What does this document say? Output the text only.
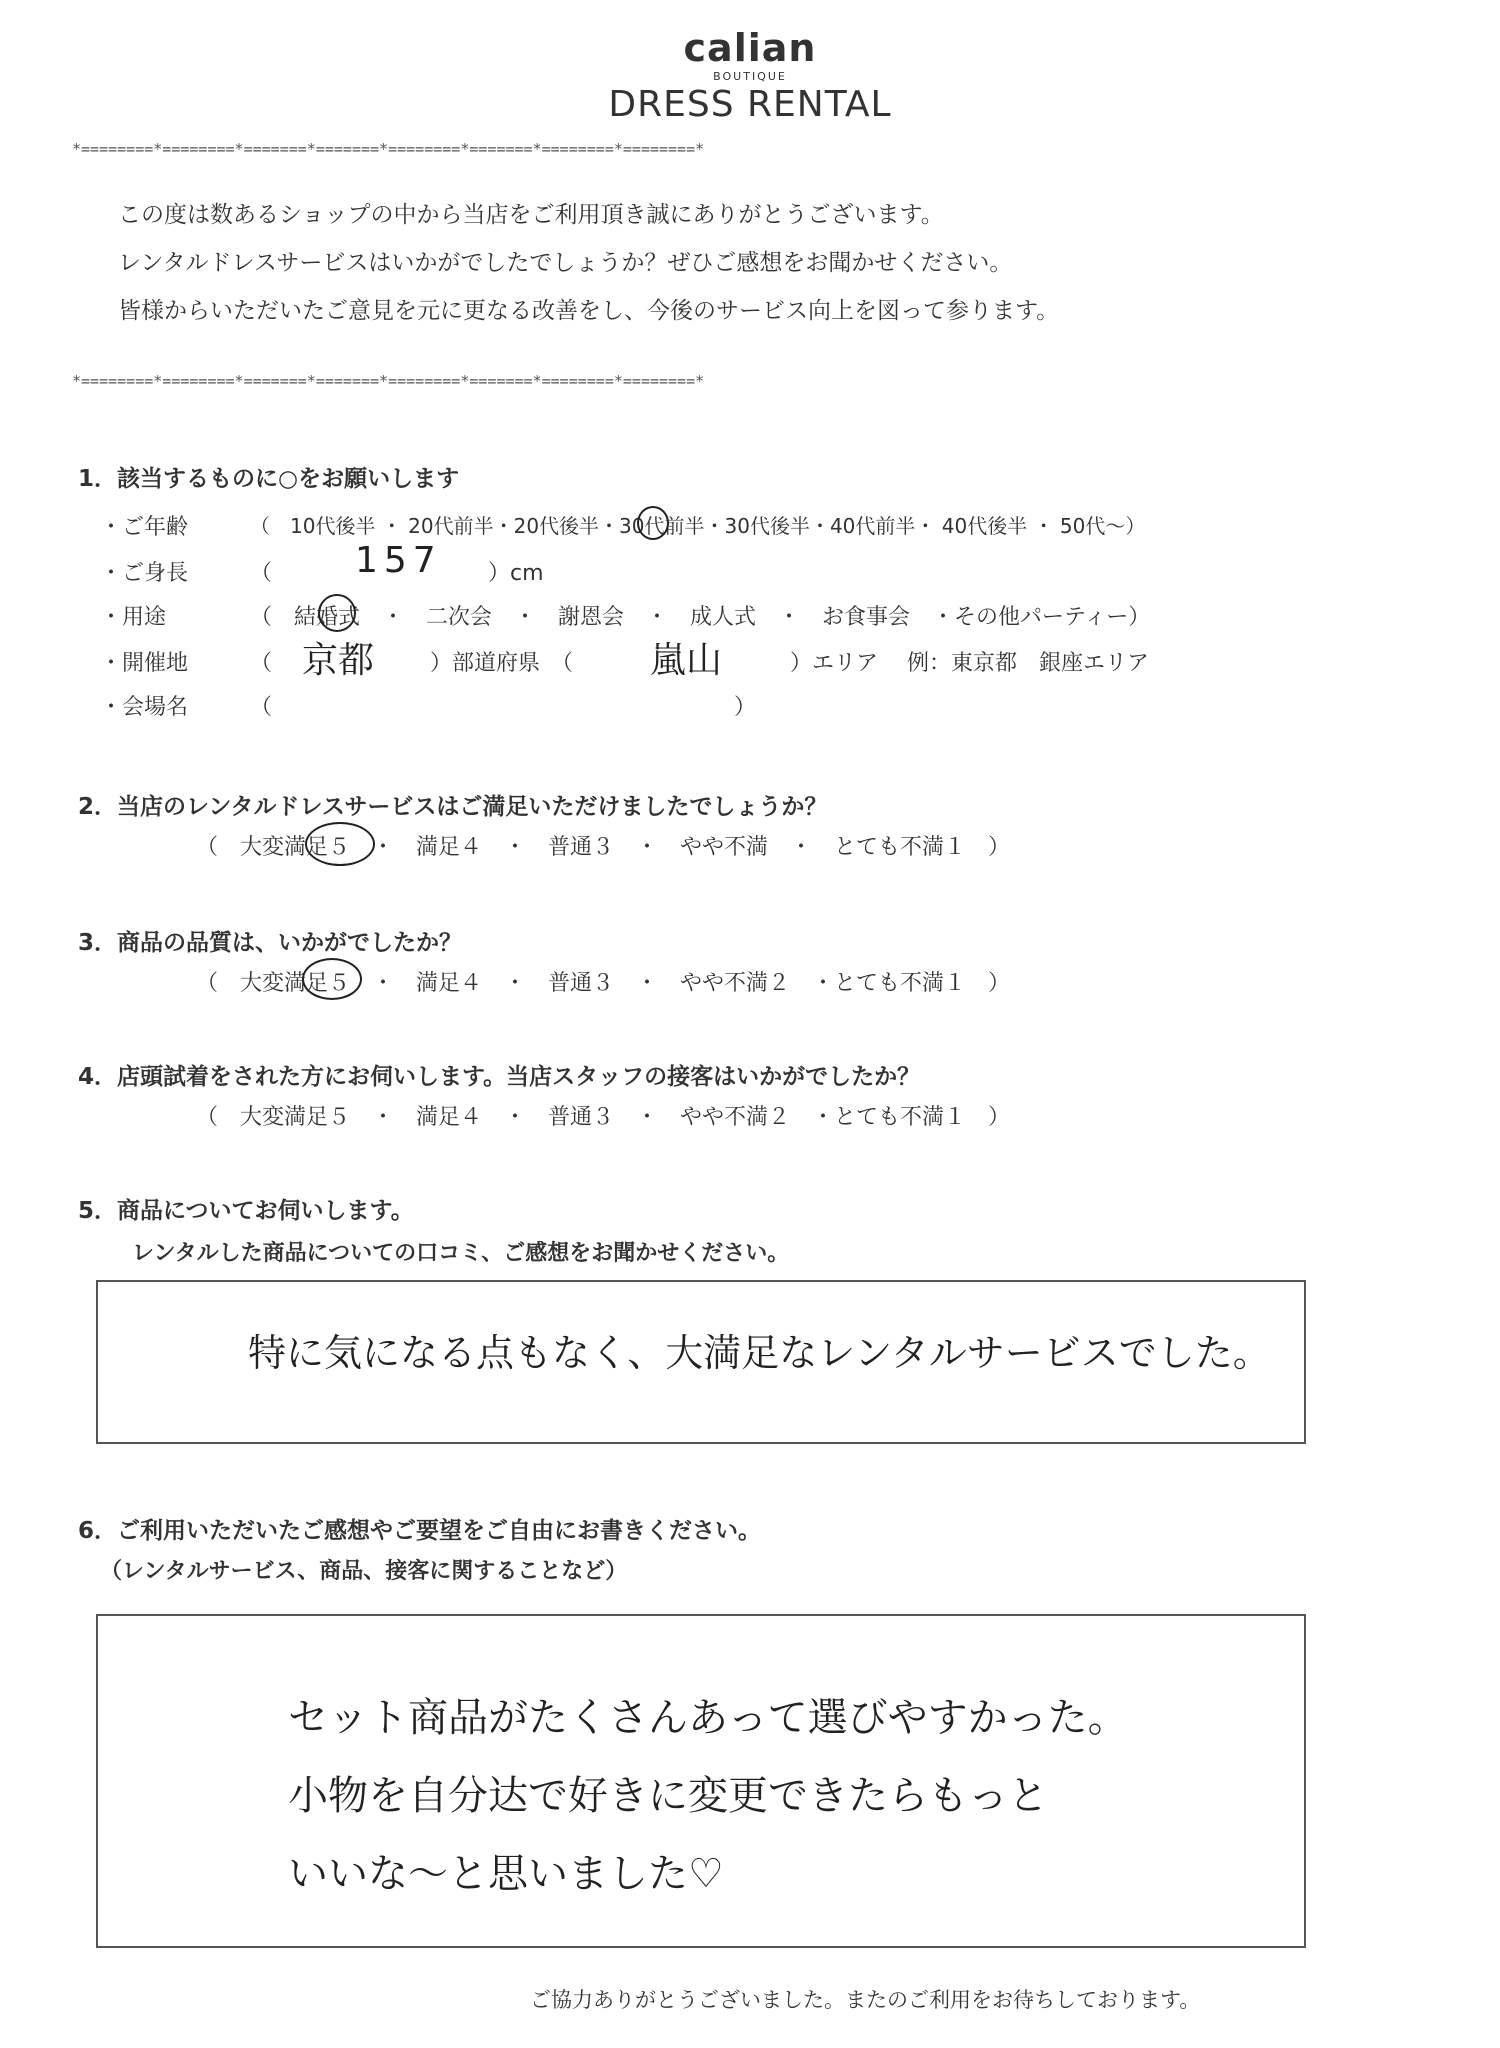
calian
BOUTIQUE
DRESS RENTAL
*========*========*=======*=======*========*=======*========*========*
この度は数あるショップの中から当店をご利用頂き誠にありがとうございます。
レンタルドレスサービスはいかがでしたでしょうか？ぜひご感想をお聞かせください。
皆様からいただいたご意見を元に更なる改善をし、今後のサービス向上を図って参ります。
*========*========*=======*=======*========*=======*========*========*
1．該当するものに○をお願いします
・ご年齢	（　10代後半 ・ 20代前半・20代後半・30代前半・30代後半・40代前半・ 40代後半 ・ 50代～）
・ご身長	（ 157 ）cm
・用途	（　結婚式　・　二次会　・　謝恩会　・　成人式　・　お食事会　・その他パーティー）
・開催地	（ 京都	）部道府県　（ 嵐山	）エリア　 例：東京都　銀座エリア
・会場名	（　　　　　　　　　　　　　　　　　　　　　）
2．当店のレンタルドレスサービスはご満足いただけましたでしょうか？
（　大変満足５　・　満足４　・　普通３　・　やや不満　・　とても不満１　）
3．商品の品質は、いかがでしたか？
（　大変満足５　・　満足４　・　普通３　・　やや不満２　・とても不満１　）
4．店頭試着をされた方にお伺いします。当店スタッフの接客はいかがでしたか？
（　大変満足５　・　満足４　・　普通３　・　やや不満２　・とても不満１　）
5．商品についてお伺いします。
レンタルした商品についての口コミ、ご感想をお聞かせください。
特に気になる点もなく、大満足なレンタルサービスでした。
6．ご利用いただいたご感想やご要望をご自由にお書きください。
（レンタルサービス、商品、接客に関することなど）
セット商品がたくさんあって選びやすかった。
小物を自分达で好きに変更できたらもっと
いいな～と思いました♡
ご協力ありがとうございました。またのご利用をお待ちしております。
